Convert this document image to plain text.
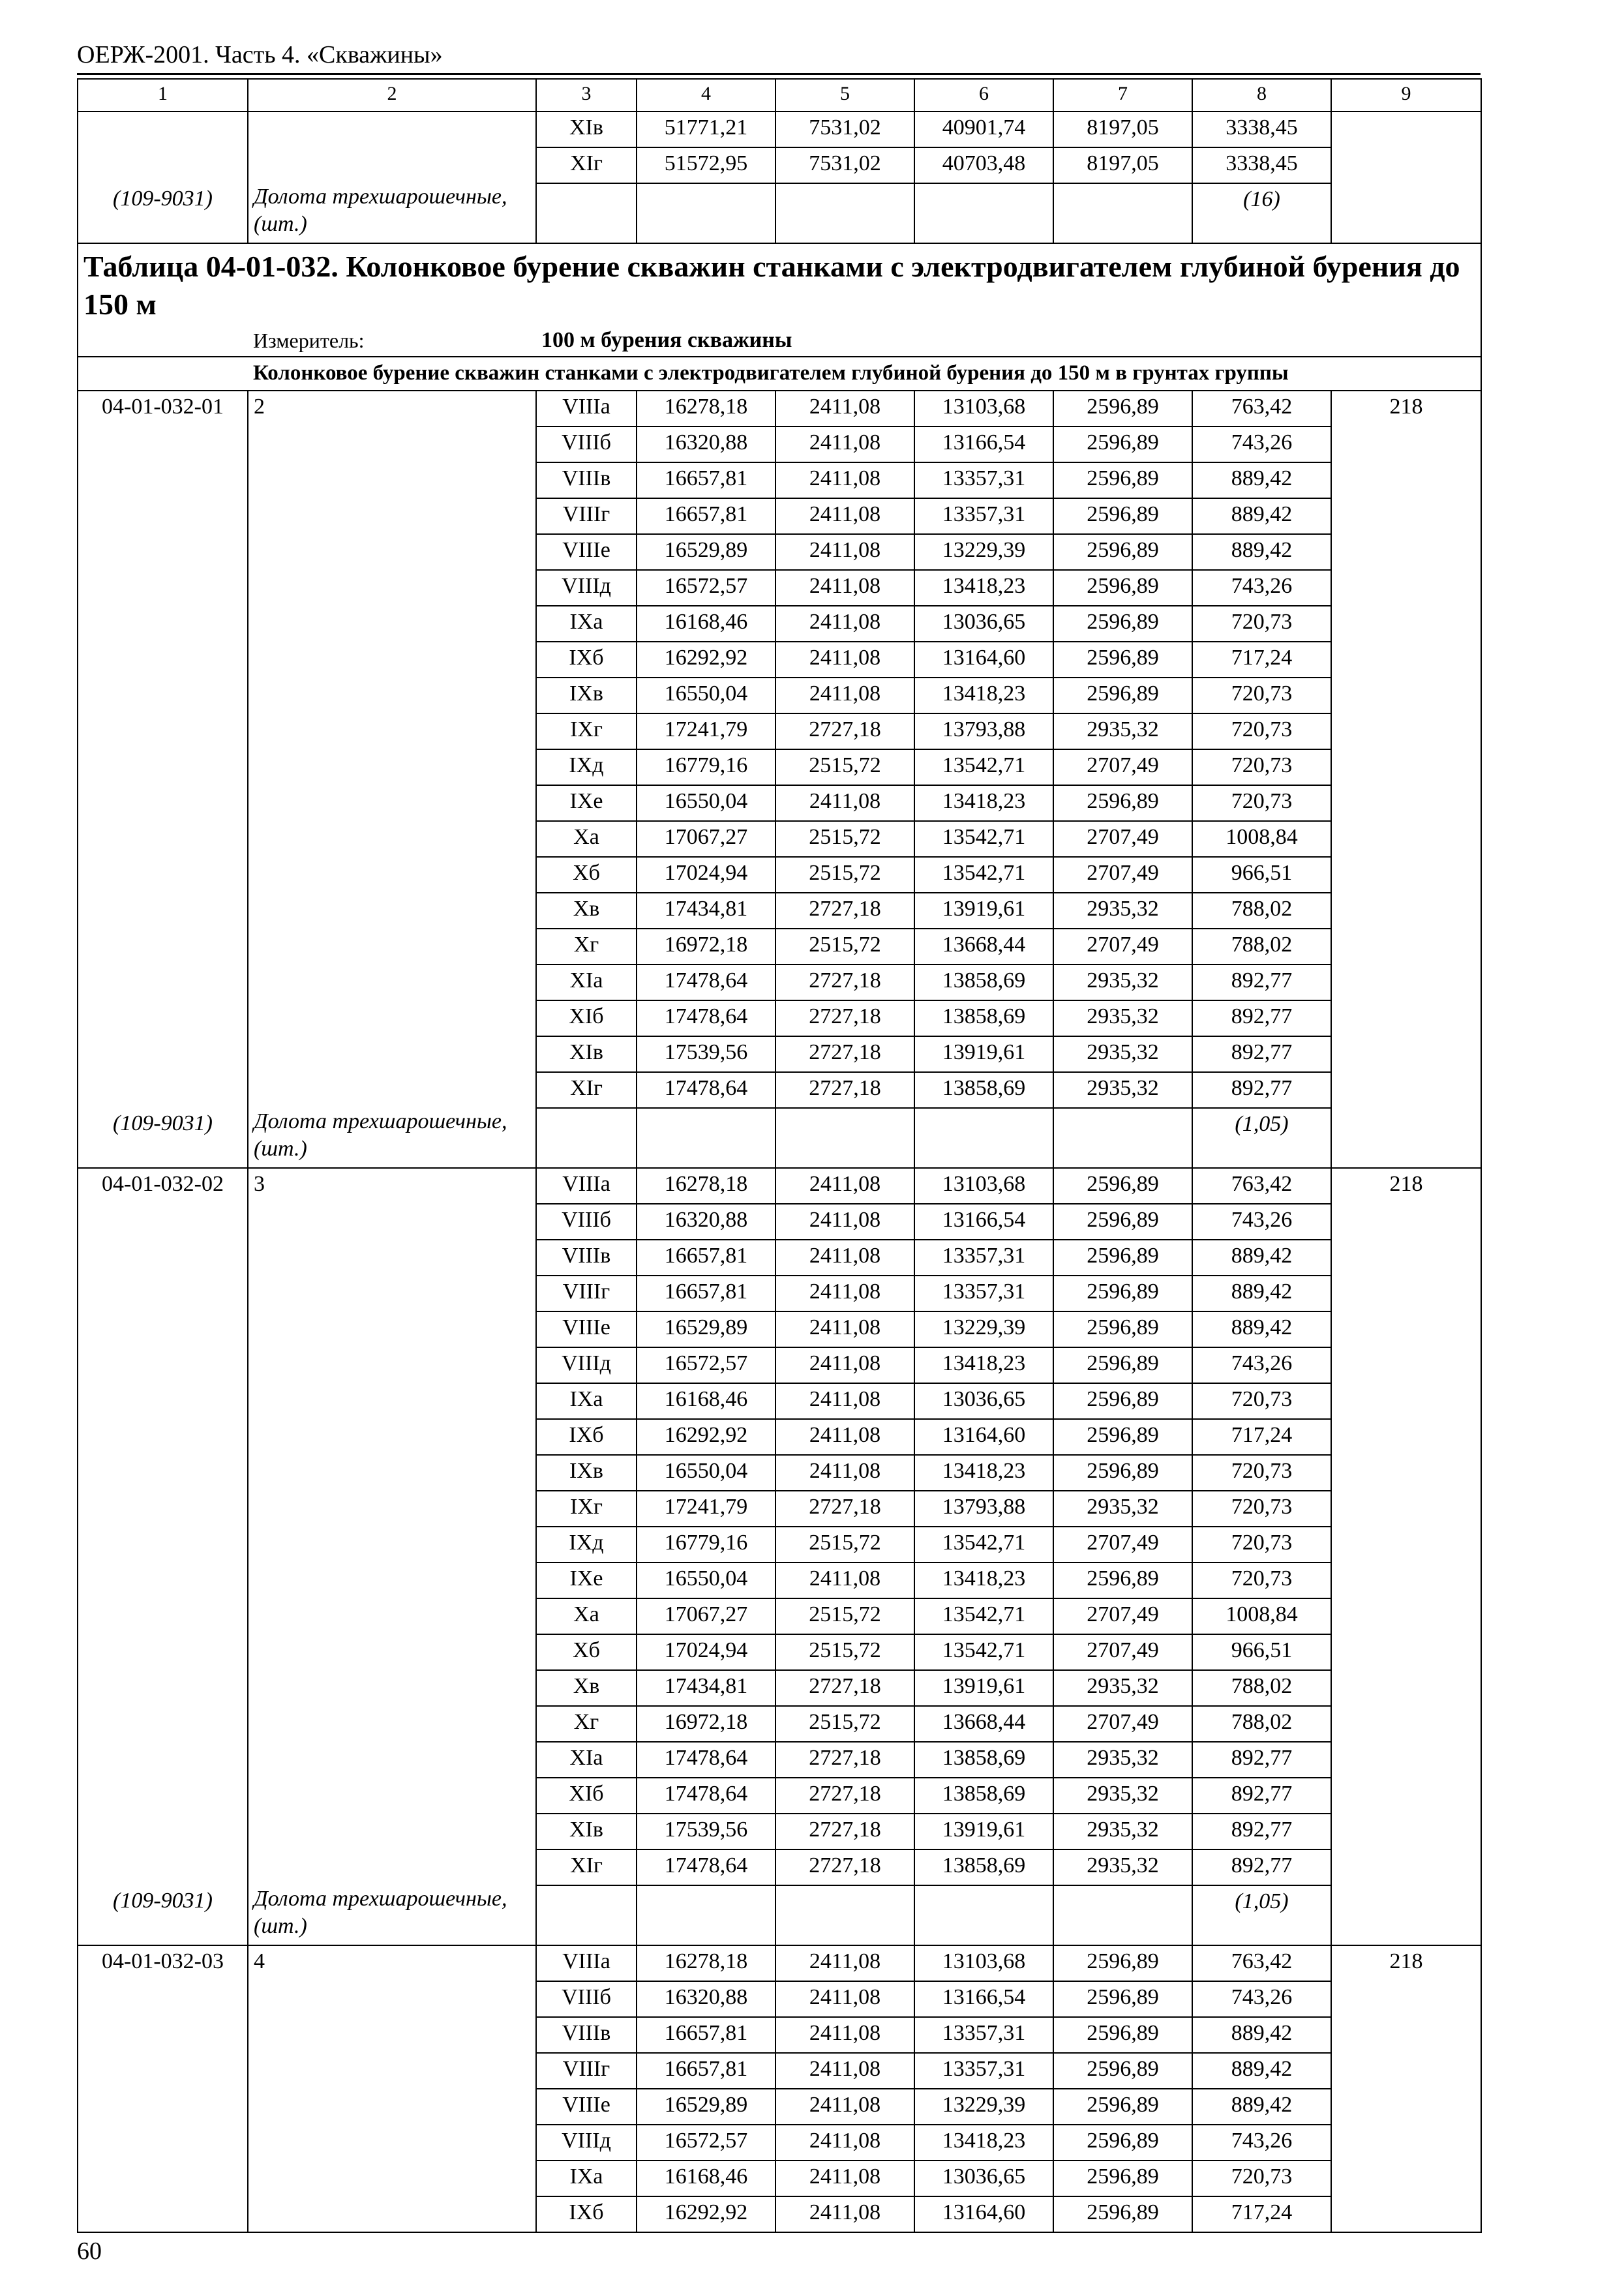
ОЕРЖ-2001. Часть 4. «Скважины»
1	2	3	4	5	6	7	8	9
		XIв	51771,21	7531,02	40901,74	8197,05	3338,45	
		XIг	51572,95	7531,02	40703,48	8197,05	3338,45	
(109-9031)	Долота трехшарошечные, (шт.)						(16)	
Таблица 04-01-032. Колонковое бурение скважин станками с электродвигателем глубиной бурения до 150 м								
	Измеритель:	100 м бурения скважины						
	Колонковое бурение скважин станками с электродвигателем глубиной бурения до 150 м в грунтах группы							
04-01-032-01	2	VIIIа	16278,18	2411,08	13103,68	2596,89	763,42	218
		VIIIб	16320,88	2411,08	13166,54	2596,89	743,26	
		VIIIв	16657,81	2411,08	13357,31	2596,89	889,42	
		VIIIг	16657,81	2411,08	13357,31	2596,89	889,42	
		VIIIе	16529,89	2411,08	13229,39	2596,89	889,42	
		VIIIд	16572,57	2411,08	13418,23	2596,89	743,26	
		IXа	16168,46	2411,08	13036,65	2596,89	720,73	
		IXб	16292,92	2411,08	13164,60	2596,89	717,24	
		IXв	16550,04	2411,08	13418,23	2596,89	720,73	
		IXг	17241,79	2727,18	13793,88	2935,32	720,73	
		IXд	16779,16	2515,72	13542,71	2707,49	720,73	
		IXе	16550,04	2411,08	13418,23	2596,89	720,73	
		Xа	17067,27	2515,72	13542,71	2707,49	1008,84	
		Xб	17024,94	2515,72	13542,71	2707,49	966,51	
		Xв	17434,81	2727,18	13919,61	2935,32	788,02	
		Xг	16972,18	2515,72	13668,44	2707,49	788,02	
		XIа	17478,64	2727,18	13858,69	2935,32	892,77	
		XIб	17478,64	2727,18	13858,69	2935,32	892,77	
		XIв	17539,56	2727,18	13919,61	2935,32	892,77	
		XIг	17478,64	2727,18	13858,69	2935,32	892,77	
(109-9031)	Долота трехшарошечные, (шт.)						(1,05)	
04-01-032-02	3	VIIIа	16278,18	2411,08	13103,68	2596,89	763,42	218
		VIIIб	16320,88	2411,08	13166,54	2596,89	743,26	
		VIIIв	16657,81	2411,08	13357,31	2596,89	889,42	
		VIIIг	16657,81	2411,08	13357,31	2596,89	889,42	
		VIIIе	16529,89	2411,08	13229,39	2596,89	889,42	
		VIIIд	16572,57	2411,08	13418,23	2596,89	743,26	
		IXа	16168,46	2411,08	13036,65	2596,89	720,73	
		IXб	16292,92	2411,08	13164,60	2596,89	717,24	
		IXв	16550,04	2411,08	13418,23	2596,89	720,73	
		IXг	17241,79	2727,18	13793,88	2935,32	720,73	
		IXд	16779,16	2515,72	13542,71	2707,49	720,73	
		IXе	16550,04	2411,08	13418,23	2596,89	720,73	
		Xа	17067,27	2515,72	13542,71	2707,49	1008,84	
		Xб	17024,94	2515,72	13542,71	2707,49	966,51	
		Xв	17434,81	2727,18	13919,61	2935,32	788,02	
		Xг	16972,18	2515,72	13668,44	2707,49	788,02	
		XIа	17478,64	2727,18	13858,69	2935,32	892,77	
		XIб	17478,64	2727,18	13858,69	2935,32	892,77	
		XIв	17539,56	2727,18	13919,61	2935,32	892,77	
		XIг	17478,64	2727,18	13858,69	2935,32	892,77	
(109-9031)	Долота трехшарошечные, (шт.)						(1,05)	
04-01-032-03	4	VIIIа	16278,18	2411,08	13103,68	2596,89	763,42	218
		VIIIб	16320,88	2411,08	13166,54	2596,89	743,26	
		VIIIв	16657,81	2411,08	13357,31	2596,89	889,42	
		VIIIг	16657,81	2411,08	13357,31	2596,89	889,42	
		VIIIе	16529,89	2411,08	13229,39	2596,89	889,42	
		VIIIд	16572,57	2411,08	13418,23	2596,89	743,26	
		IXа	16168,46	2411,08	13036,65	2596,89	720,73	
		IXб	16292,92	2411,08	13164,60	2596,89	717,24	
60
